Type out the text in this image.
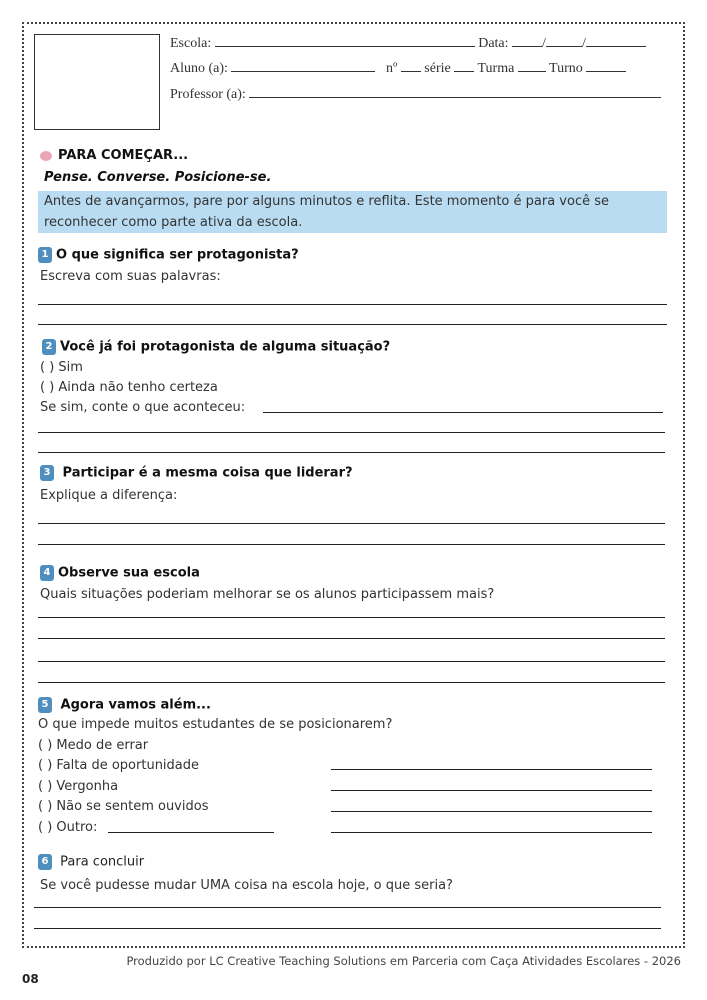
Escola:	Data: /	/
Aluno (a):	nº série Turma Turno
Professor (a):
PARA COMEÇAR...
Pense. Converse. Posicione-se.
Antes de avançarmos, pare por alguns minutos e reflita. Este momento é para você se
reconhecer como parte ativa da escola.
1 O que significa ser protagonista?
Escreva com suas palavras:
2 Você já foi protagonista de alguma situação?
( ) Sim
( ) Ainda não tenho certeza
Se sim, conte o que aconteceu:
3 Participar é a mesma coisa que liderar?
Explique a diferença:
4 Observe sua escola
Quais situações poderiam melhorar se os alunos participassem mais?
5 Agora vamos além...
O que impede muitos estudantes de se posicionarem?
( ) Medo de errar
( ) Falta de oportunidade
( ) Vergonha
( ) Não se sentem ouvidos
( ) Outro:
6 Para concluir
Se você pudesse mudar UMA coisa na escola hoje, o que seria?
Produzido por LC Creative Teaching Solutions em Parceria com Caça Atividades Escolares - 2026
08
